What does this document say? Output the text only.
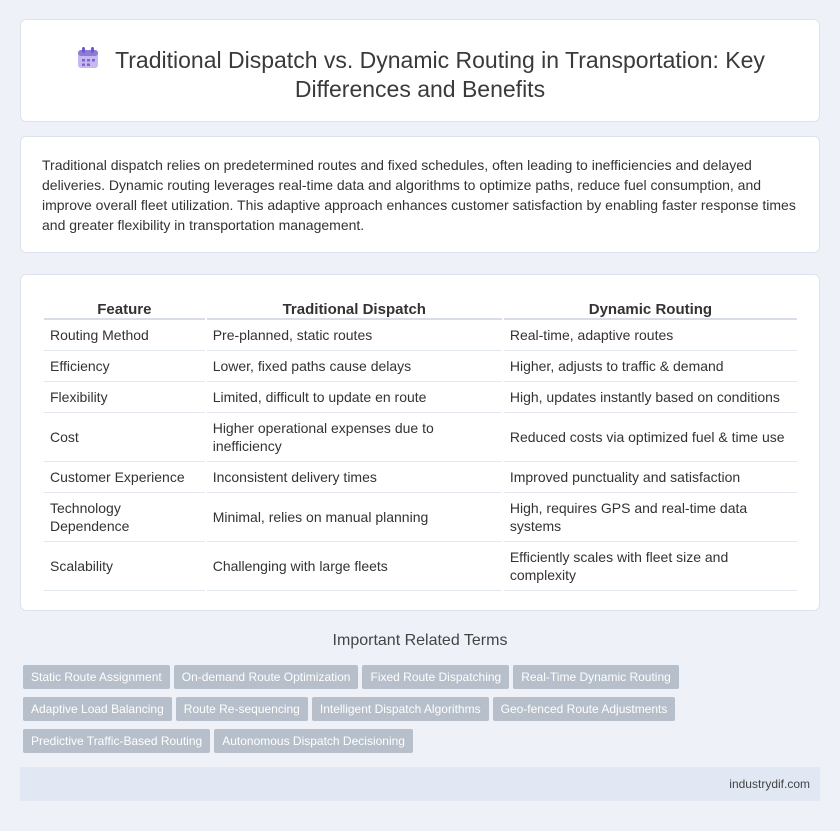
Traditional Dispatch vs. Dynamic Routing in Transportation: Key Differences and Benefits

Traditional dispatch relies on predetermined routes and fixed schedules, often leading to inefficiencies and delayed deliveries. Dynamic routing leverages real-time data and algorithms to optimize paths, reduce fuel consumption, and improve overall fleet utilization. This adaptive approach enhances customer satisfaction by enabling faster response times and greater flexibility in transportation management.

Feature	Traditional Dispatch	Dynamic Routing
Routing Method	Pre-planned, static routes	Real-time, adaptive routes
Efficiency	Lower, fixed paths cause delays	Higher, adjusts to traffic & demand
Flexibility	Limited, difficult to update en route	High, updates instantly based on conditions
Cost	Higher operational expenses due to inefficiency	Reduced costs via optimized fuel & time use
Customer Experience	Inconsistent delivery times	Improved punctuality and satisfaction
Technology Dependence	Minimal, relies on manual planning	High, requires GPS and real-time data systems
Scalability	Challenging with large fleets	Efficiently scales with fleet size and complexity
Important Related Terms
Static Route Assignment On-demand Route Optimization Fixed Route Dispatching Real-Time Dynamic Routing
Adaptive Load Balancing Route Re-sequencing Intelligent Dispatch Algorithms Geo-fenced Route Adjustments
Predictive Traffic-Based Routing Autonomous Dispatch Decisioning
industrydif.com
